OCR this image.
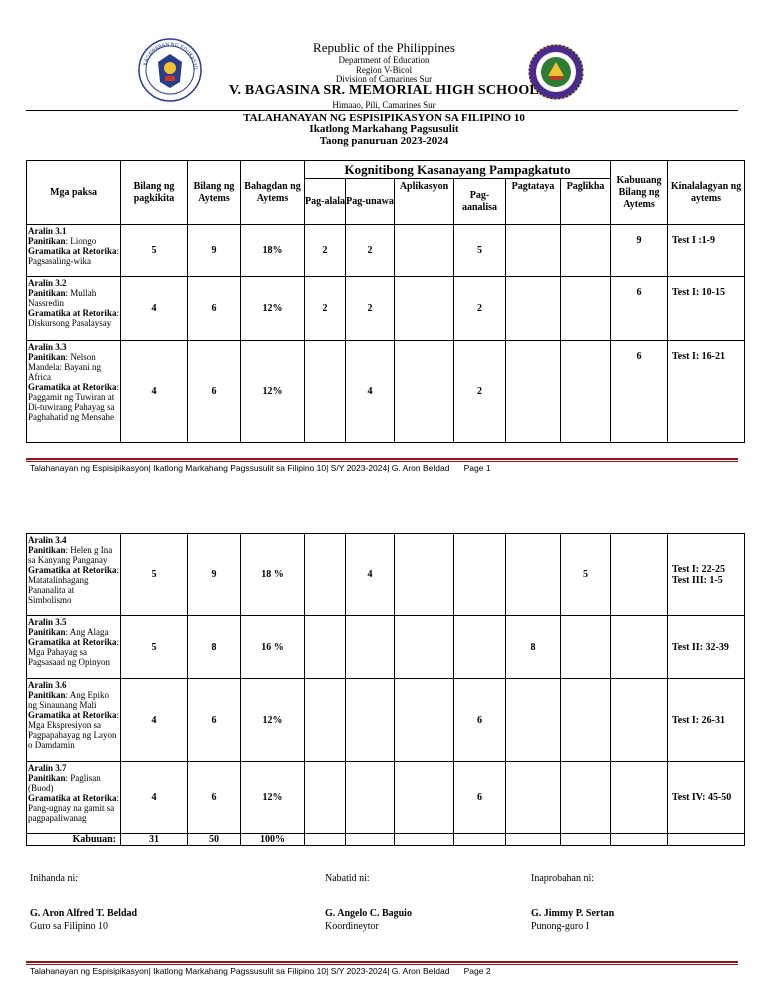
KAGAWARAN NG EDUKASYO
Republic of the Philippines
Department of Education
Region V-Bicol
Division of Camarines Sur
V. BAGASINA SR. MEMORIAL HIGH SCHOOL
Himaao, Pili, Camarines Sur
TALAHANAYAN NG ESPISIPIKASYON SA FILIPINO 10
Ikatlong Markahang Pagsusulit
Taong panuruan 2023-2024
Mga paksa	Bilang ng pagkikita	Bilang ng Aytems	Bahagdan ng Aytems	Kognitibong Kasanayang Pampagkatuto						Kabuuang Bilang ng Aytems	Kinalalagyan ng aytems
				Pag-alala	Pag-unawa	Aplikasyon	Pag-aanalisa	Pagtataya	Paglikha		
Aralin 3.1
Panitikan: Liongo
Gramatika at Retorika: Pagsasaling-wika	5	9	18%	2	2		5			9	Test I :1-9
Aralin 3.2
Panitikan: Mullah Nassredin
Gramatika at Retorika: Diskursong Pasalaysay	4	6	12%	2	2		2			6	Test I: 10-15
Aralin 3.3
Panitikan: Nelson Mandela: Bayani ng Africa
Gramatika at Retorika: Paggamit ng Tuwiran at Di-tuwirang Pahayag sa Paghahatid ng Mensahe	4	6	12%		4		2			6	Test I: 16-21
Talahanayan ng Espisipikasyon| Ikatlong Markahang Pagssusulit sa Filipino 10| S/Y 2023-2024| G. Aron Beldad Page 1
Aralin 3.4
Panitikan: Helen g Ina sa Kanyang Panganay
Gramatika at Retorika: Matatalinhagang Pananalita at Simbolismo	5	9	18 %		4				5		Test I: 22-25 Test III: 1-5
Aralin 3.5
Panitikan: Ang Alaga
Gramatika at Retorika: Mga Pahayag sa Pagsasaad ng Opinyon	5	8	16 %					8			Test II: 32-39
Aralin 3.6
Panitikan: Ang Epiko ng Sinaunang Mali
Gramatika at Retorika: Mga Ekspresiyon sa Pagpapahayag ng Layon o Damdamin	4	6	12%				6				Test I: 26-31
Aralin 3.7
Panitikan: Paglisan (Buod)
Gramatika at Retorika: Pang-ugnay na gamit sa pagpapaliwanag	4	6	12%				6				Test IV: 45-50
Kabuuan:	31	50	100%								
Inihanda ni:
G. Aron Alfred T. Beldad
Guro sa Filipino 10
Nabatid ni:
G. Angelo C. Baguio
Koordineytor
Inaprobahan ni:
G. Jimmy P. Sertan
Punong-guro I
Talahanayan ng Espisipikasyon| Ikatlong Markahang Pagssusulit sa Filipino 10| S/Y 2023-2024| G. Aron Beldad Page 2
